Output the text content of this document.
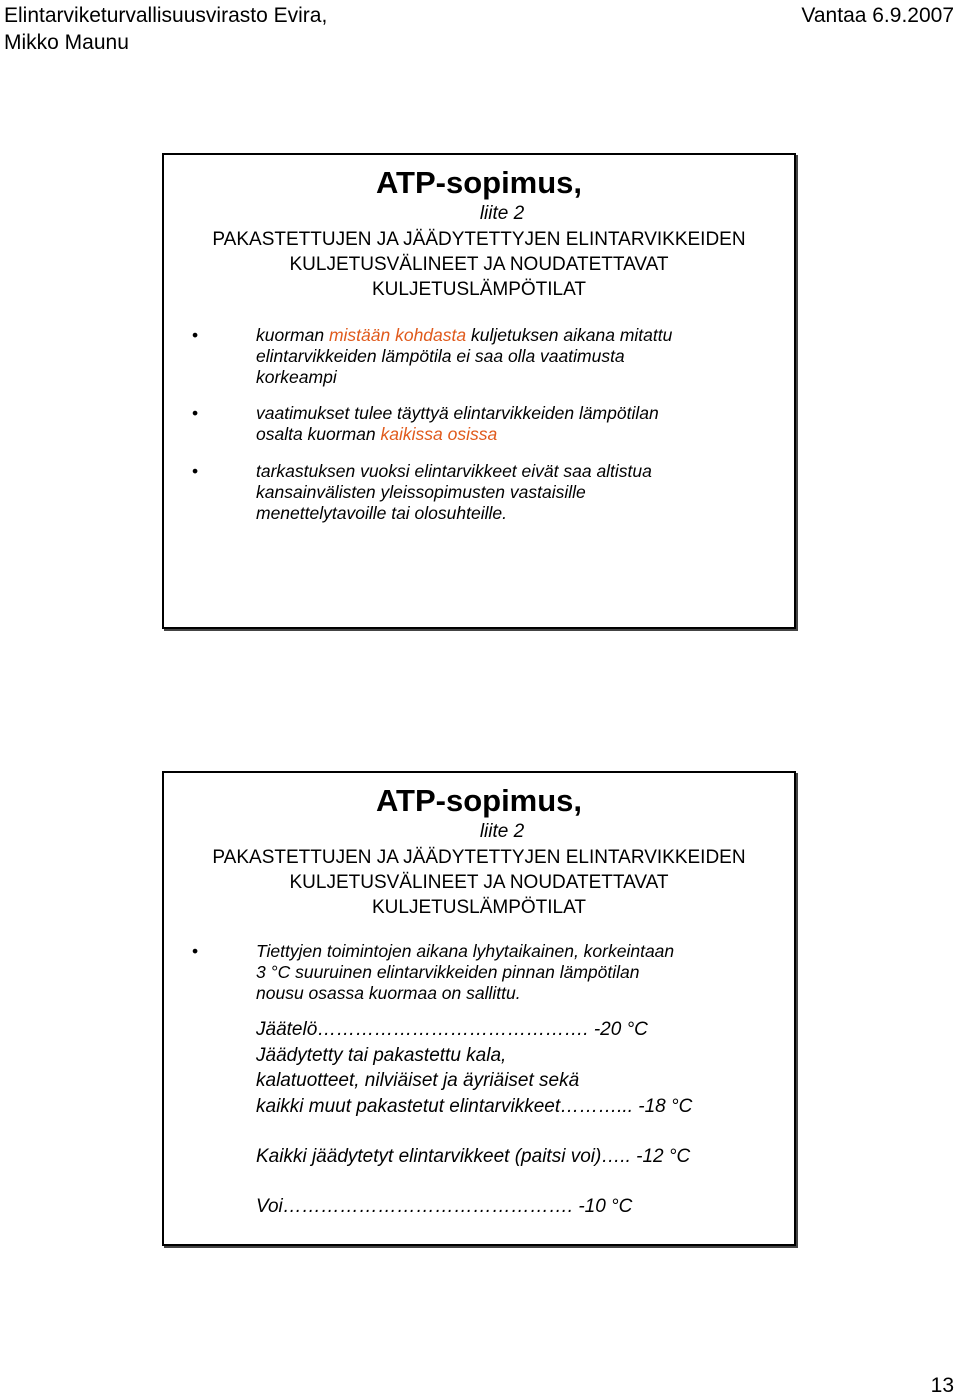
Elintarviketurvallisuusvirasto Evira,
Mikko Maunu
Vantaa 6.9.2007
ATP-sopimus,
liite 2
PAKASTETTUJEN JA JÄÄDYTETTYJEN ELINTARVIKKEIDEN
KULJETUSVÄLINEET JA NOUDATETTAVAT
KULJETUSLÄMPÖTILAT
•	kuorman mistään kohdasta kuljetuksen aikana mitattu
elintarvikkeiden lämpötila ei saa olla vaatimusta
korkeampi
•	vaatimukset tulee täyttyä elintarvikkeiden lämpötilan
osalta kuorman kaikissa osissa
•	tarkastuksen vuoksi elintarvikkeet eivät saa altistua
kansainvälisten yleissopimusten vastaisille
menettelytavoille tai olosuhteille.
ATP-sopimus,
liite 2
PAKASTETTUJEN JA JÄÄDYTETTYJEN ELINTARVIKKEIDEN
KULJETUSVÄLINEET JA NOUDATETTAVAT
KULJETUSLÄMPÖTILAT
•	Tiettyjen toimintojen aikana lyhytaikainen, korkeintaan
3 °C suuruinen elintarvikkeiden pinnan lämpötilan
nousu osassa kuormaa on sallittu.
Jäätelö……………………………………. -20 °C
Jäädytetty tai pakastettu kala,
kalatuotteet, nilviäiset ja äyriäiset sekä
kaikki muut pakastetut elintarvikkeet………... -18 °C
Kaikki jäädytetyt elintarvikkeet (paitsi voi)….. -12 °C
Voi………………………………………. -10 °C
13
